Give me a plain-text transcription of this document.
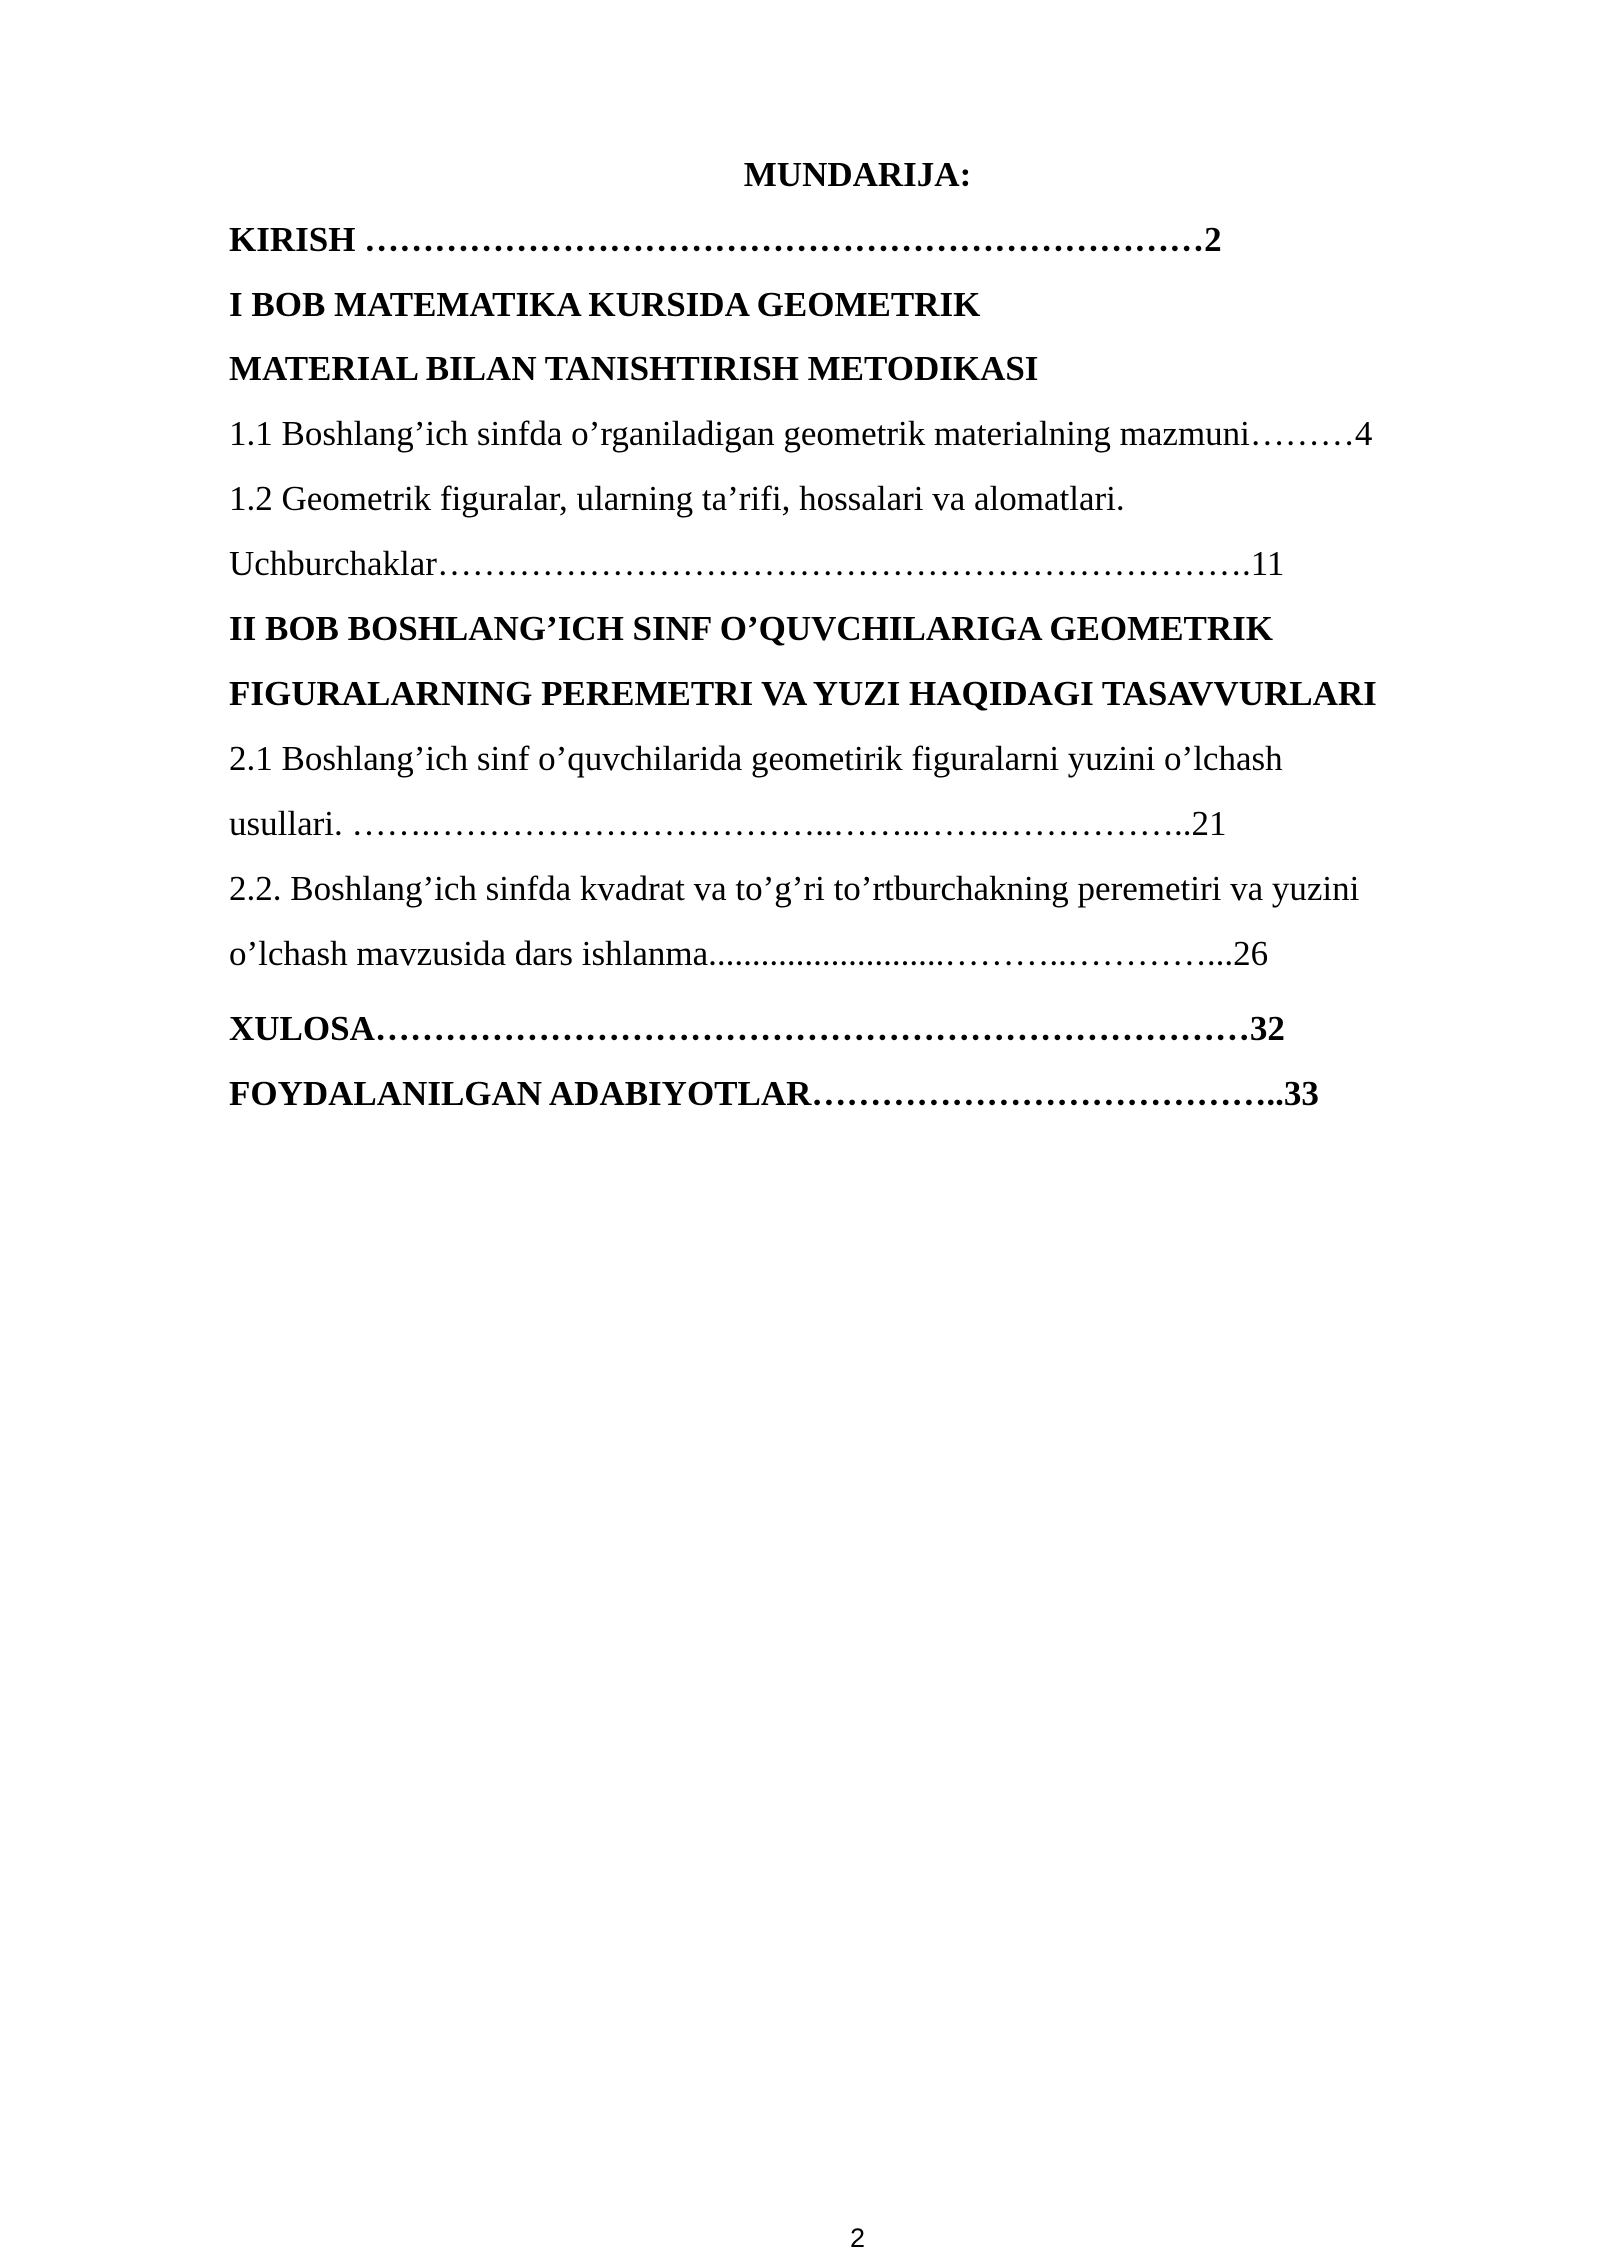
MUNDARIJA:
KIRISH ………………………………………………………………2
I BOB MATEMATIKA KURSIDA GEOMETRIK
MATERIAL BILAN TANISHTIRISH METODIKASI
1.1 Boshlang’ich sinfda o’rganiladigan geometrik materialning mazmuni………4
1.2 Geometrik figuralar, ularning ta’rifi, hossalari va alomatlari.
Uchburchaklar…………………………………………………………….11
II BOB BOSHLANG’ICH SINF O’QUVCHILARIGA GEOMETRIK
FIGURALARNING PEREMETRI VA YUZI HAQIDAGI TASAVVURLARI
2.1 Boshlang’ich sinf o’quvchilarida geometirik figuralarni yuzini o’lchash
usullari. …….……………………………..……..…….……………..21
2.2. Boshlang’ich sinfda kvadrat va to’g’ri to’rtburchakning peremetiri va yuzini
o’lchash mavzusida dars ishlanma...........................………..…………...26
XULOSA…………………………………………………………………32
FOYDALANILGAN ADABIYOTLAR…………………………………..33
2
